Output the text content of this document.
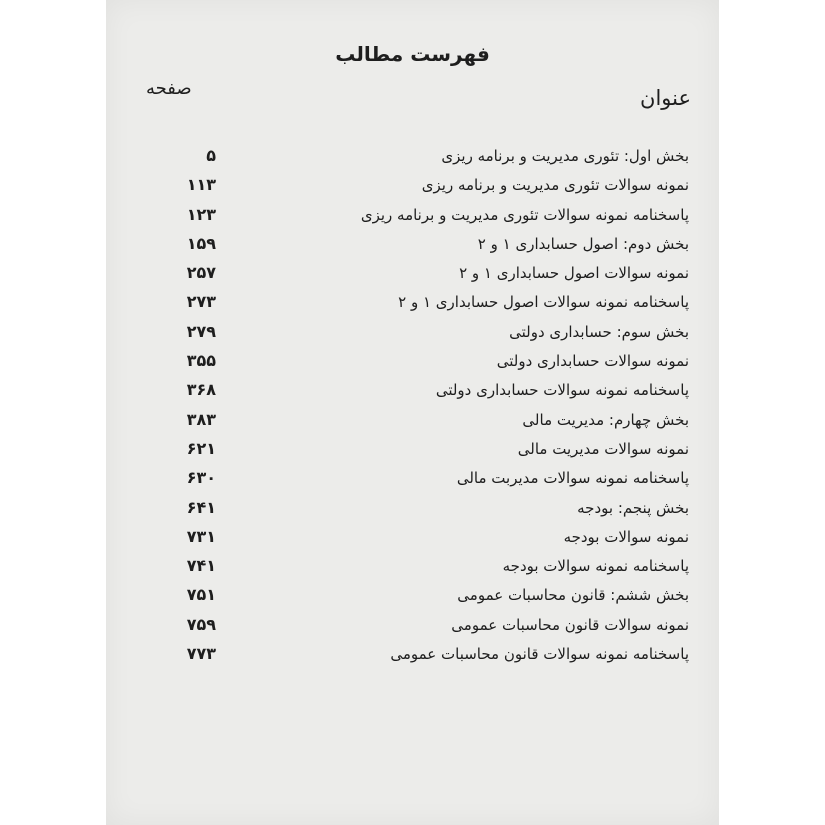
فهرست مطالب
عنوان
صفحه
بخش اول: تئوری مدیریت و برنامه ریزی
۵
نمونه سوالات تئوری مدیریت و برنامه ریزی
۱۱۳
پاسخنامه نمونه سوالات تئوری مدیریت و برنامه ریزی
۱۲۳
بخش دوم: اصول حسابداری ۱ و ۲
۱۵۹
نمونه سوالات اصول حسابداری ۱ و ۲
۲۵۷
پاسخنامه نمونه سوالات اصول حسابداری ۱ و ۲
۲۷۳
بخش سوم: حسابداری دولتی
۲۷۹
نمونه سوالات حسابداری دولتی
۳۵۵
پاسخنامه نمونه سوالات حسابداری دولتی
۳۶۸
بخش چهارم: مدیریت مالی
۳۸۳
نمونه سوالات مدیریت مالی
۶۲۱
پاسخنامه نمونه سوالات مدیربت مالی
۶۳۰
بخش پنجم: بودجه
۶۴۱
نمونه سوالات بودجه
۷۳۱
پاسخنامه نمونه سوالات بودجه
۷۴۱
بخش ششم: قانون محاسبات عمومی
۷۵۱
نمونه سوالات قانون محاسبات عمومی
۷۵۹
پاسخنامه نمونه سوالات قانون محاسبات عمومی
۷۷۳
